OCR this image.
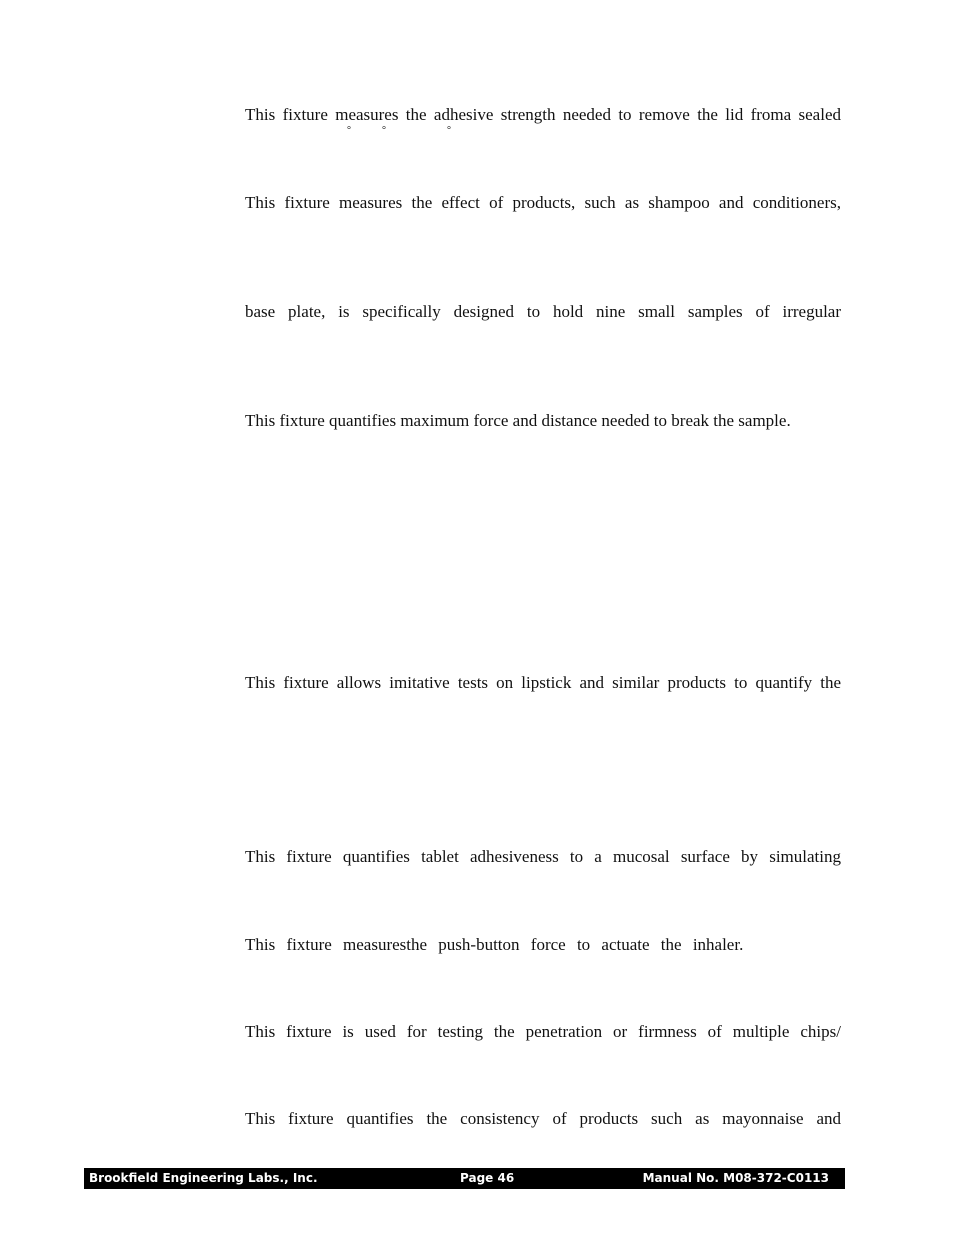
This fixture measures the adhesive strength needed to remove the lid froma sealed
°	°	°
This fixture measures the effect of products, such as shampoo and conditioners,
base plate, is specifically designed to hold nine small samples of irregular
This fixture quantifies maximum force and distance needed to break the sample.
This fixture allows imitative tests on lipstick and similar products to quantify the
This fixture quantifies tablet adhesiveness to a mucosal surface by simulating
This fixture measuresthe push-button force to actuate the inhaler.
This fixture is used for testing the penetration or firmness of multiple chips/
This fixture quantifies the consistency of products such as mayonnaise and
Brookfield Engineering Labs., Inc.	Page 46	Manual No. M08-372-C0113
